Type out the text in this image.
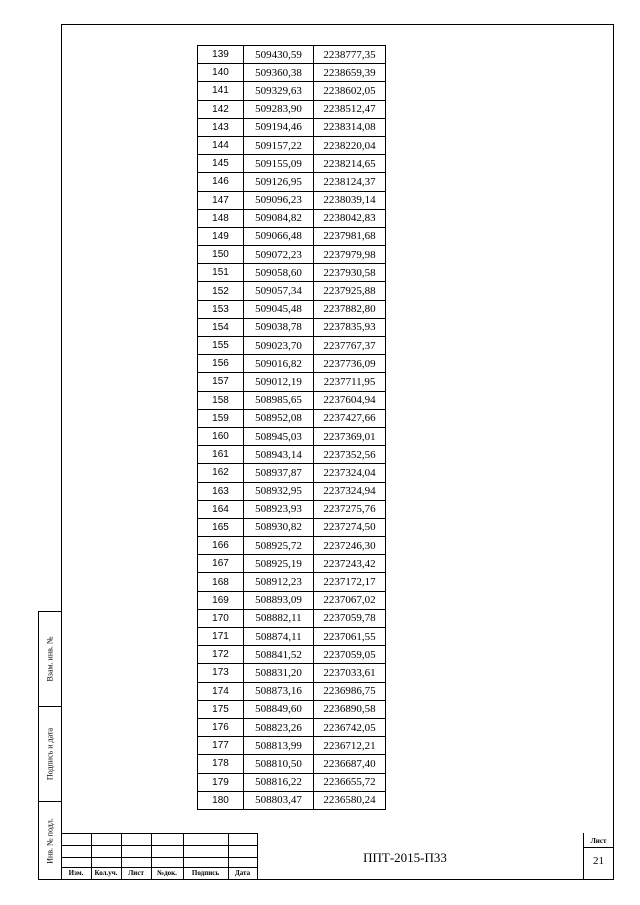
Взам. инв. №
Подпись и дата
Инв. № подл.
139	509430,59	2238777,35
140	509360,38	2238659,39
141	509329,63	2238602,05
142	509283,90	2238512,47
143	509194,46	2238314,08
144	509157,22	2238220,04
145	509155,09	2238214,65
146	509126,95	2238124,37
147	509096,23	2238039,14
148	509084,82	2238042,83
149	509066,48	2237981,68
150	509072,23	2237979,98
151	509058,60	2237930,58
152	509057,34	2237925,88
153	509045,48	2237882,80
154	509038,78	2237835,93
155	509023,70	2237767,37
156	509016,82	2237736,09
157	509012,19	2237711,95
158	508985,65	2237604,94
159	508952,08	2237427,66
160	508945,03	2237369,01
161	508943,14	2237352,56
162	508937,87	2237324,04
163	508932,95	2237324,94
164	508923,93	2237275,76
165	508930,82	2237274,50
166	508925,72	2237246,30
167	508925,19	2237243,42
168	508912,23	2237172,17
169	508893,09	2237067,02
170	508882,11	2237059,78
171	508874,11	2237061,55
172	508841,52	2237059,05
173	508831,20	2237033,61
174	508873,16	2236986,75
175	508849,60	2236890,58
176	508823,26	2236742,05
177	508813,99	2236712,21
178	508810,50	2236687,40
179	508816,22	2236655,72
180	508803,47	2236580,24
Изм.	Кол.уч.	Лист	№док.	Подпись	Дата
ППТ-2015-П33
Лист
21
